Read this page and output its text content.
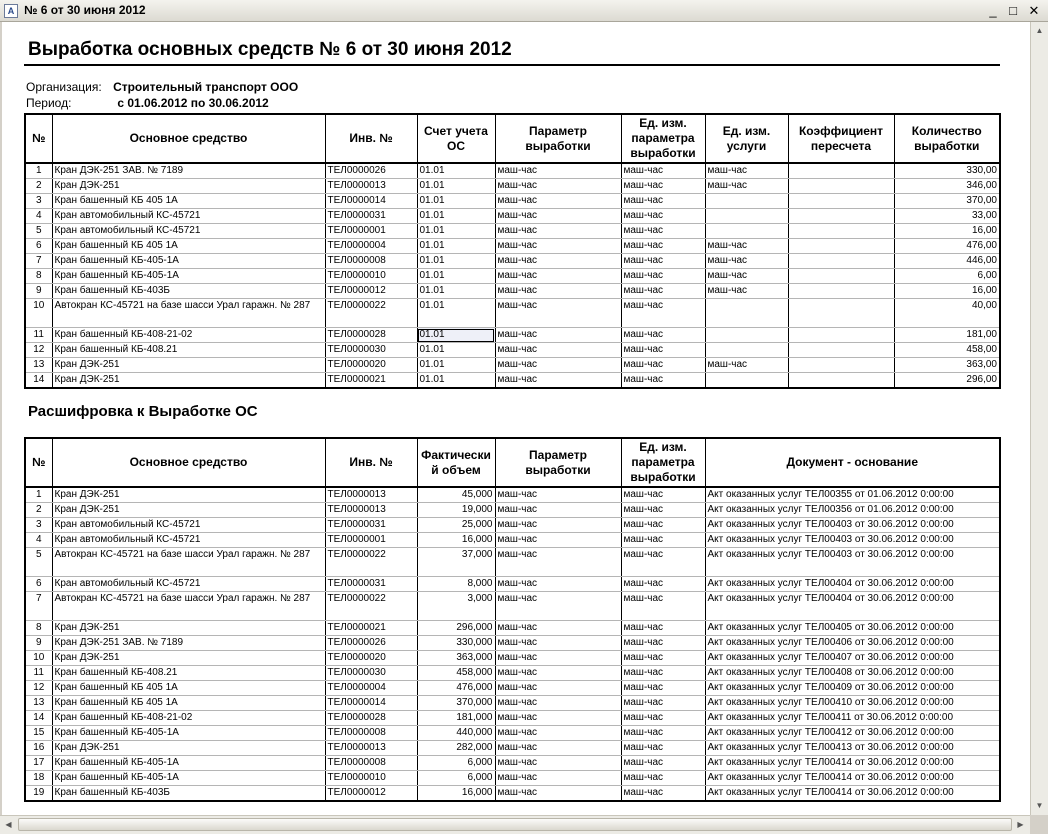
A № 6 от 30 июня 2012	_ □ ✕
Выработка основных средств № 6 от 30 июня 2012
Организация: Строительный транспорт ООО
Период:	с 01.06.2012 по 30.06.2012
№	Основное средство	Инв. №	Счет учета ОС	Параметр выработки	Ед. изм. параметра выработки	Ед. изм. услуги	Коэффициент пересчета	Количество выработки
1	Кран ДЭК-251 ЗАВ. № 7189	ТЕЛ0000026	01.01	маш-час	маш-час	маш-час		330,00
2	Кран ДЭК-251	ТЕЛ0000013	01.01	маш-час	маш-час	маш-час		346,00
3	Кран башенный КБ 405 1А	ТЕЛ0000014	01.01	маш-час	маш-час			370,00
4	Кран автомобильный КС-45721	ТЕЛ0000031	01.01	маш-час	маш-час			33,00
5	Кран автомобильный КС-45721	ТЕЛ0000001	01.01	маш-час	маш-час			16,00
6	Кран башенный КБ 405 1А	ТЕЛ0000004	01.01	маш-час	маш-час	маш-час		476,00
7	Кран башенный КБ-405-1А	ТЕЛ0000008	01.01	маш-час	маш-час	маш-час		446,00
8	Кран башенный КБ-405-1А	ТЕЛ0000010	01.01	маш-час	маш-час	маш-час		6,00
9	Кран башенный КБ-403Б	ТЕЛ0000012	01.01	маш-час	маш-час	маш-час		16,00
10	Автокран КС-45721 на базе шасси Урал гаражн. № 287	ТЕЛ0000022	01.01	маш-час	маш-час			40,00
11	Кран башенный КБ-408-21-02	ТЕЛ0000028	01.01	маш-час	маш-час			181,00
12	Кран башенный КБ-408.21	ТЕЛ0000030	01.01	маш-час	маш-час			458,00
13	Кран ДЭК-251	ТЕЛ0000020	01.01	маш-час	маш-час	маш-час		363,00
14	Кран ДЭК-251	ТЕЛ0000021	01.01	маш-час	маш-час			296,00
Расшифровка к Выработке ОС
№	Основное средство	Инв. №	Фактический объем	Параметр выработки	Ед. изм. параметра выработки	Документ - основание
1	Кран ДЭК-251	ТЕЛ0000013	45,000	маш-час	маш-час	Акт оказанных услуг ТЕЛ00355 от 01.06.2012 0:00:00
2	Кран ДЭК-251	ТЕЛ0000013	19,000	маш-час	маш-час	Акт оказанных услуг ТЕЛ00356 от 01.06.2012 0:00:00
3	Кран автомобильный КС-45721	ТЕЛ0000031	25,000	маш-час	маш-час	Акт оказанных услуг ТЕЛ00403 от 30.06.2012 0:00:00
4	Кран автомобильный КС-45721	ТЕЛ0000001	16,000	маш-час	маш-час	Акт оказанных услуг ТЕЛ00403 от 30.06.2012 0:00:00
5	Автокран КС-45721 на базе шасси Урал гаражн. № 287	ТЕЛ0000022	37,000	маш-час	маш-час	Акт оказанных услуг ТЕЛ00403 от 30.06.2012 0:00:00
6	Кран автомобильный КС-45721	ТЕЛ0000031	8,000	маш-час	маш-час	Акт оказанных услуг ТЕЛ00404 от 30.06.2012 0:00:00
7	Автокран КС-45721 на базе шасси Урал гаражн. № 287	ТЕЛ0000022	3,000	маш-час	маш-час	Акт оказанных услуг ТЕЛ00404 от 30.06.2012 0:00:00
8	Кран ДЭК-251	ТЕЛ0000021	296,000	маш-час	маш-час	Акт оказанных услуг ТЕЛ00405 от 30.06.2012 0:00:00
9	Кран ДЭК-251 ЗАВ. № 7189	ТЕЛ0000026	330,000	маш-час	маш-час	Акт оказанных услуг ТЕЛ00406 от 30.06.2012 0:00:00
10	Кран ДЭК-251	ТЕЛ0000020	363,000	маш-час	маш-час	Акт оказанных услуг ТЕЛ00407 от 30.06.2012 0:00:00
11	Кран башенный КБ-408.21	ТЕЛ0000030	458,000	маш-час	маш-час	Акт оказанных услуг ТЕЛ00408 от 30.06.2012 0:00:00
12	Кран башенный КБ 405 1А	ТЕЛ0000004	476,000	маш-час	маш-час	Акт оказанных услуг ТЕЛ00409 от 30.06.2012 0:00:00
13	Кран башенный КБ 405 1А	ТЕЛ0000014	370,000	маш-час	маш-час	Акт оказанных услуг ТЕЛ00410 от 30.06.2012 0:00:00
14	Кран башенный КБ-408-21-02	ТЕЛ0000028	181,000	маш-час	маш-час	Акт оказанных услуг ТЕЛ00411 от 30.06.2012 0:00:00
15	Кран башенный КБ-405-1А	ТЕЛ0000008	440,000	маш-час	маш-час	Акт оказанных услуг ТЕЛ00412 от 30.06.2012 0:00:00
16	Кран ДЭК-251	ТЕЛ0000013	282,000	маш-час	маш-час	Акт оказанных услуг ТЕЛ00413 от 30.06.2012 0:00:00
17	Кран башенный КБ-405-1А	ТЕЛ0000008	6,000	маш-час	маш-час	Акт оказанных услуг ТЕЛ00414 от 30.06.2012 0:00:00
18	Кран башенный КБ-405-1А	ТЕЛ0000010	6,000	маш-час	маш-час	Акт оказанных услуг ТЕЛ00414 от 30.06.2012 0:00:00
19	Кран башенный КБ-403Б	ТЕЛ0000012	16,000	маш-час	маш-час	Акт оказанных услуг ТЕЛ00414 от 30.06.2012 0:00:00
▲
▼
◀	▶
